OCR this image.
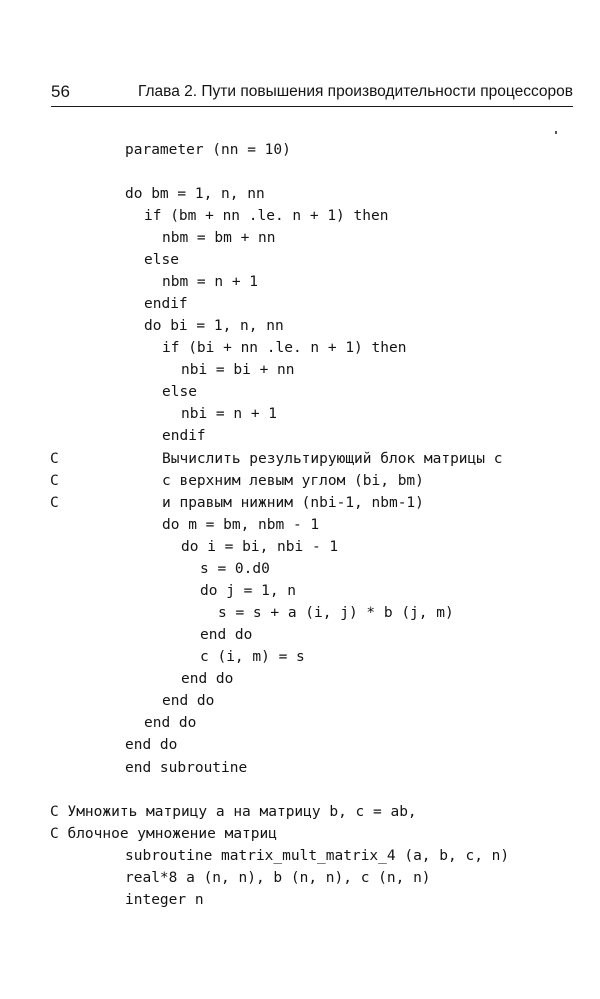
56	Глава 2. Пути повышения производительности процессоров
parameter (nn = 10)
do bm = 1, n, nn
if (bm + nn .le. n + 1) then
nbm = bm + nn
else
nbm = n + 1
endif
do bi = 1, n, nn
if (bi + nn .le. n + 1) then
nbi = bi + nn
else
nbi = n + 1
endif
C	Вычислить результирующий блок матрицы c
C	с верхним левым углом (bi, bm)
C	и правым нижним (nbi-1, nbm-1)
do m = bm, nbm - 1
do i = bi, nbi - 1
s = 0.d0
do j = 1, n
s = s + a (i, j) * b (j, m)
end do
c (i, m) = s
end do
end do
end do
end do
end subroutine
C Умножить матрицу a на матрицу b, c = ab,
C блочное умножение матриц
subroutine matrix_mult_matrix_4 (a, b, c, n)
real*8 a (n, n), b (n, n), c (n, n)
integer n
